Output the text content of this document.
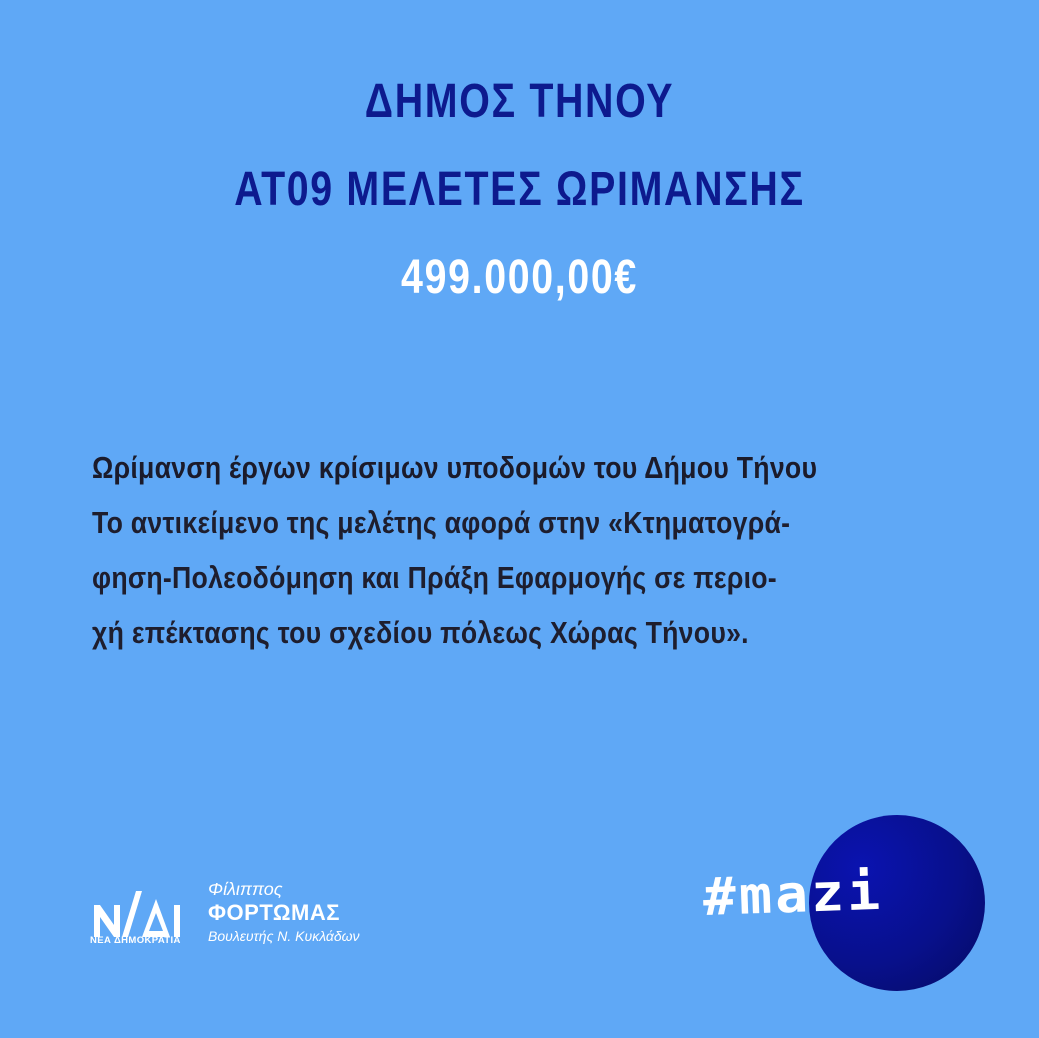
ΔΗΜΟΣ ΤΗΝΟΥ
ΑΤ09 ΜΕΛΕΤΕΣ ΩΡΙΜΑΝΣΗΣ
499.000,00€
Ωρίμανση έργων κρίσιμων υποδομών του Δήμου Τήνου
Το αντικείμενο της μελέτης αφορά στην «Κτηματογρά-
φηση-Πολεοδόμηση και Πράξη Εφαρμογής σε περιο-
χή επέκτασης του σχεδίου πόλεως Χώρας Τήνου».
ΝΕΑ ΔΗΜΟΚΡΑΤΙΑ
Φίλιππος
ΦΟΡΤΩΜΑΣ
Βουλευτής Ν. Κυκλάδων
#mazi
